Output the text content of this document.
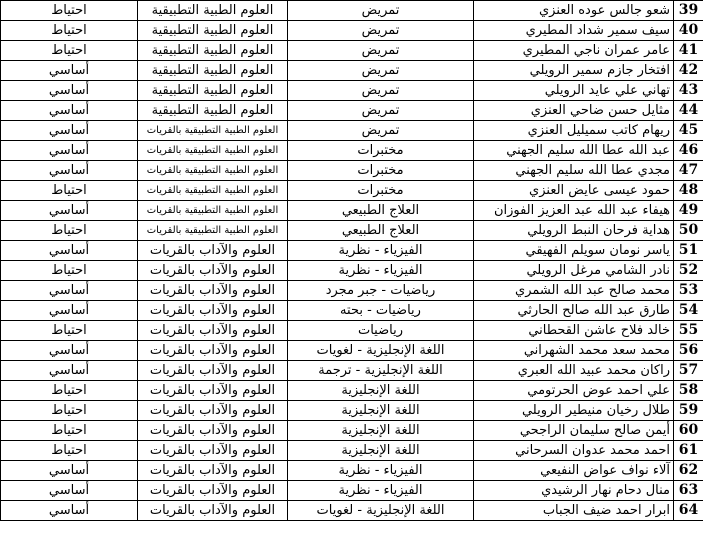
39	شعو جالس عوده العنزي	تمريض	العلوم الطبية التطبيقية	احتياط
40	سيف سمير شداد المطيري	تمريض	العلوم الطبية التطبيقية	احتياط
41	عامر عمران ناجي المطيري	تمريض	العلوم الطبية التطبيقية	احتياط
42	افتخار جازم سمير الرويلي	تمريض	العلوم الطبية التطبيقية	أساسي
43	تهاني علي عايد الرويلي	تمريض	العلوم الطبية التطبيقية	أساسي
44	مثايل حسن ضاحي العنزي	تمريض	العلوم الطبية التطبيقية	أساسي
45	ريهام كاتب سميليل العنزي	تمريض	العلوم الطبية التطبيقية بالقريات	أساسي
46	عبد الله عطا الله سليم الجهني	مختبرات	العلوم الطبية التطبيقية بالقريات	أساسي
47	مجدي عطا الله سليم الجهني	مختبرات	العلوم الطبية التطبيقية بالقريات	أساسي
48	حمود عيسى عايض العنزي	مختبرات	العلوم الطبية التطبيقية بالقريات	احتياط
49	هيفاء عبد الله عبد العزيز الفوزان	العلاج الطبيعي	العلوم الطبية التطبيقية بالقريات	أساسي
50	هداية فرحان النبط الرويلي	العلاج الطبيعي	العلوم الطبية التطبيقية بالقريات	احتياط
51	ياسر نومان سويلم الفهيقي	الفيزياء - نظرية	العلوم والآداب بالقريات	أساسي
52	نادر الشامي مرغل الرويلي	الفيزياء - نظرية	العلوم والآداب بالقريات	احتياط
53	محمد صالح عبد الله الشمري	رياضيات - جبر مجرد	العلوم والآداب بالقريات	أساسي
54	طارق عبد الله صالح الحارثي	رياضيات - بحته	العلوم والآداب بالقريات	أساسي
55	خالد فلاح عاشن القحطاني	رياضيات	العلوم والآداب بالقريات	احتياط
56	محمد سعد محمد الشهراني	اللغة الإنجليزية - لغويات	العلوم والآداب بالقريات	أساسي
57	راكان محمد عبيد الله العبري	اللغة الإنجليزية - ترجمة	العلوم والآداب بالقريات	أساسي
58	علي احمد عوض الحرتومي	اللغة الإنجليزية	العلوم والآداب بالقريات	احتياط
59	طلال رخيان منيطير الرويلي	اللغة الإنجليزية	العلوم والآداب بالقريات	احتياط
60	أيمن صالح سليمان الراجحي	اللغة الإنجليزية	العلوم والآداب بالقريات	احتياط
61	احمد محمد عدوان السرحاني	اللغة الإنجليزية	العلوم والآداب بالقريات	احتياط
62	آلاء نواف عواض النفيعي	الفيزياء - نظرية	العلوم والآداب بالقريات	أساسي
63	منال دحام نهار الرشيدي	الفيزياء - نظرية	العلوم والآداب بالقريات	أساسي
64	ابرار احمد ضيف الجباب	اللغة الإنجليزية - لغويات	العلوم والآداب بالقريات	أساسي
